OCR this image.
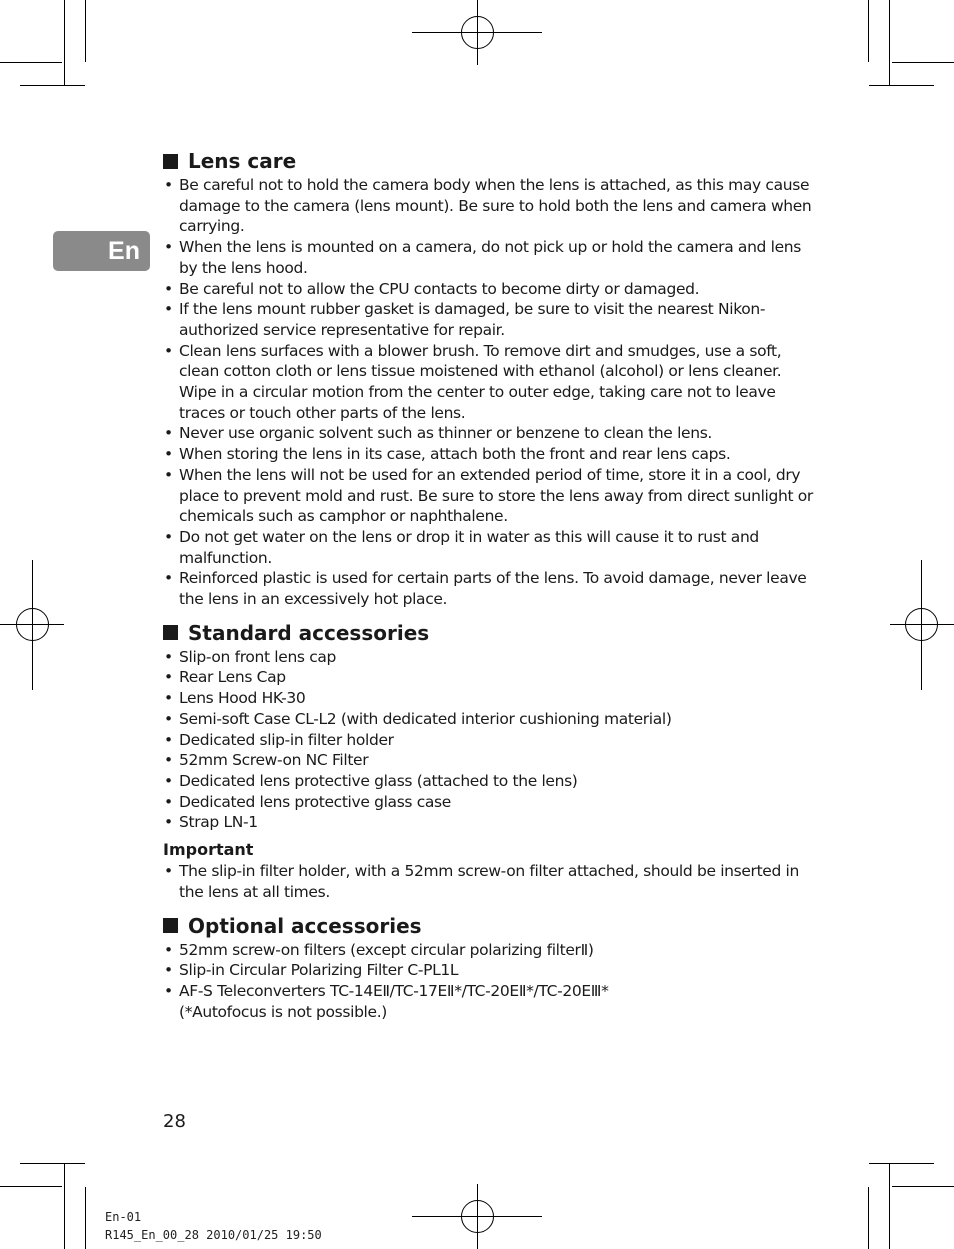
En
Lens care
• Be careful not to hold the camera body when the lens is attached, as this may cause damage to the camera (lens mount). Be sure to hold both the lens and camera when carrying.
• When the lens is mounted on a camera, do not pick up or hold the camera and lens by the lens hood.
• Be careful not to allow the CPU contacts to become dirty or damaged.
• If the lens mount rubber gasket is damaged, be sure to visit the nearest Nikon-authorized service representative for repair.
• Clean lens surfaces with a blower brush. To remove dirt and smudges, use a soft, clean cotton cloth or lens tissue moistened with ethanol (alcohol) or lens cleaner. Wipe in a circular motion from the center to outer edge, taking care not to leave traces or touch other parts of the lens.
• Never use organic solvent such as thinner or benzene to clean the lens.
• When storing the lens in its case, attach both the front and rear lens caps.
• When the lens will not be used for an extended period of time, store it in a cool, dry place to prevent mold and rust. Be sure to store the lens away from direct sunlight or chemicals such as camphor or naphthalene.
• Do not get water on the lens or drop it in water as this will cause it to rust and malfunction.
• Reinforced plastic is used for certain parts of the lens. To avoid damage, never leave the lens in an excessively hot place.
Standard accessories
• Slip-on front lens cap
• Rear Lens Cap
• Lens Hood HK-30
• Semi-soft Case CL-L2 (with dedicated interior cushioning material)
• Dedicated slip-in filter holder
• 52mm Screw-on NC Filter
• Dedicated lens protective glass (attached to the lens)
• Dedicated lens protective glass case
• Strap LN-1
Important
• The slip-in filter holder, with a 52mm screw-on filter attached, should be inserted in the lens at all times.
Optional accessories
• 52mm screw-on filters (except circular polarizing filterⅡ)
• Slip-in Circular Polarizing Filter C-PL1L
• AF-S Teleconverters TC-14EⅡ/TC-17EⅡ*/TC-20EⅡ*/TC-20EⅢ*
(*Autofocus is not possible.)
28
En-01
R145_En_00_28 2010/01/25 19:50
